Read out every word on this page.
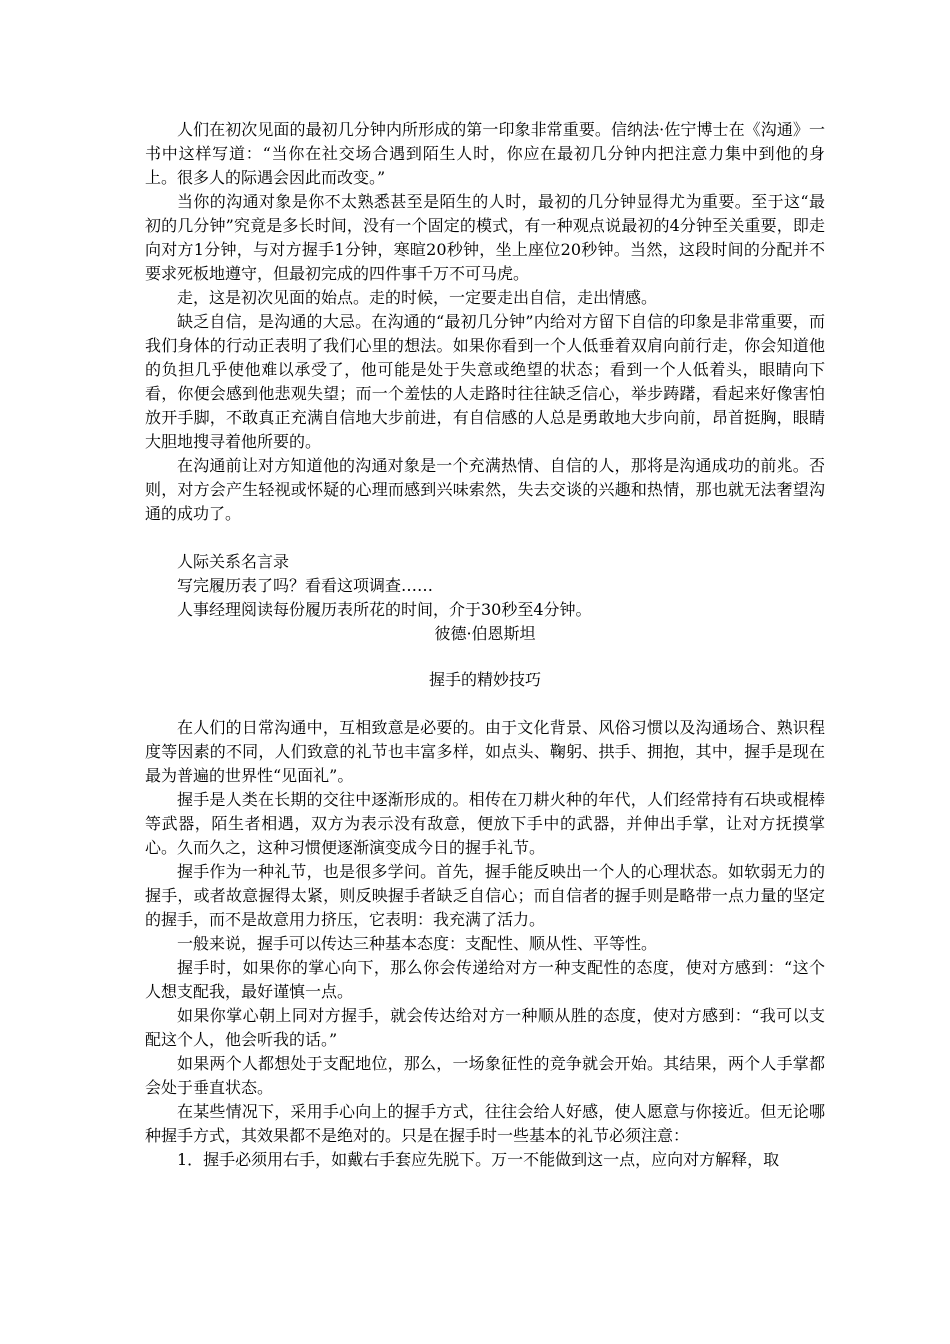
人们在初次见面的最初几分钟内所形成的第一印象非常重要。信纳法·佐宁博士在《沟通》一书中这样写道：“当你在社交场合遇到陌生人时，你应在最初几分钟内把注意力集中到他的身上。很多人的际遇会因此而改变。”

当你的沟通对象是你不太熟悉甚至是陌生的人时，最初的几分钟显得尤为重要。至于这“最初的几分钟”究竟是多长时间，没有一个固定的模式，有一种观点说最初的4分钟至关重要，即走向对方1分钟，与对方握手1分钟，寒暄20秒钟，坐上座位20秒钟。当然，这段时间的分配并不要求死板地遵守，但最初完成的四件事千万不可马虎。

走，这是初次见面的始点。走的时候，一定要走出自信，走出情感。

缺乏自信，是沟通的大忌。在沟通的“最初几分钟”内给对方留下自信的印象是非常重要，而我们身体的行动正表明了我们心里的想法。如果你看到一个人低垂着双肩向前行走，你会知道他的负担几乎使他难以承受了，他可能是处于失意或绝望的状态；看到一个人低着头，眼睛向下看，你便会感到他悲观失望；而一个羞怯的人走路时往往缺乏信心，举步踌躇，看起来好像害怕放开手脚，不敢真正充满自信地大步前进，有自信感的人总是勇敢地大步向前，昂首挺胸，眼睛大胆地搜寻着他所要的。

在沟通前让对方知道他的沟通对象是一个充满热情、自信的人，那将是沟通成功的前兆。否则，对方会产生轻视或怀疑的心理而感到兴味索然，失去交谈的兴趣和热情，那也就无法奢望沟通的成功了。

人际关系名言录

写完履历表了吗？看看这项调查……

人事经理阅读每份履历表所花的时间，介于30秒至4分钟。

彼德·伯恩斯坦

握手的精妙技巧

在人们的日常沟通中，互相致意是必要的。由于文化背景、风俗习惯以及沟通场合、熟识程度等因素的不同，人们致意的礼节也丰富多样，如点头、鞠躬、拱手、拥抱，其中，握手是现在最为普遍的世界性“见面礼”。

握手是人类在长期的交往中逐渐形成的。相传在刀耕火种的年代，人们经常持有石块或棍棒等武器，陌生者相遇，双方为表示没有敌意，便放下手中的武器，并伸出手掌，让对方抚摸掌心。久而久之，这种习惯便逐渐演变成今日的握手礼节。

握手作为一种礼节，也是很多学问。首先，握手能反映出一个人的心理状态。如软弱无力的握手，或者故意握得太紧，则反映握手者缺乏自信心；而自信者的握手则是略带一点力量的坚定的握手，而不是故意用力挤压，它表明：我充满了活力。

一般来说，握手可以传达三种基本态度：支配性、顺从性、平等性。

握手时，如果你的掌心向下，那么你会传递给对方一种支配性的态度，使对方感到：“这个人想支配我，最好谨慎一点。

如果你掌心朝上同对方握手，就会传达给对方一种顺从胜的态度，使对方感到：“我可以支配这个人，他会听我的话。”

如果两个人都想处于支配地位，那么，一场象征性的竞争就会开始。其结果，两个人手掌都会处于垂直状态。

在某些情况下，采用手心向上的握手方式，往往会给人好感，使人愿意与你接近。但无论哪种握手方式，其效果都不是绝对的。只是在握手时一些基本的礼节必须注意：

1．握手必须用右手，如戴右手套应先脱下。万一不能做到这一点，应向对方解释，取
